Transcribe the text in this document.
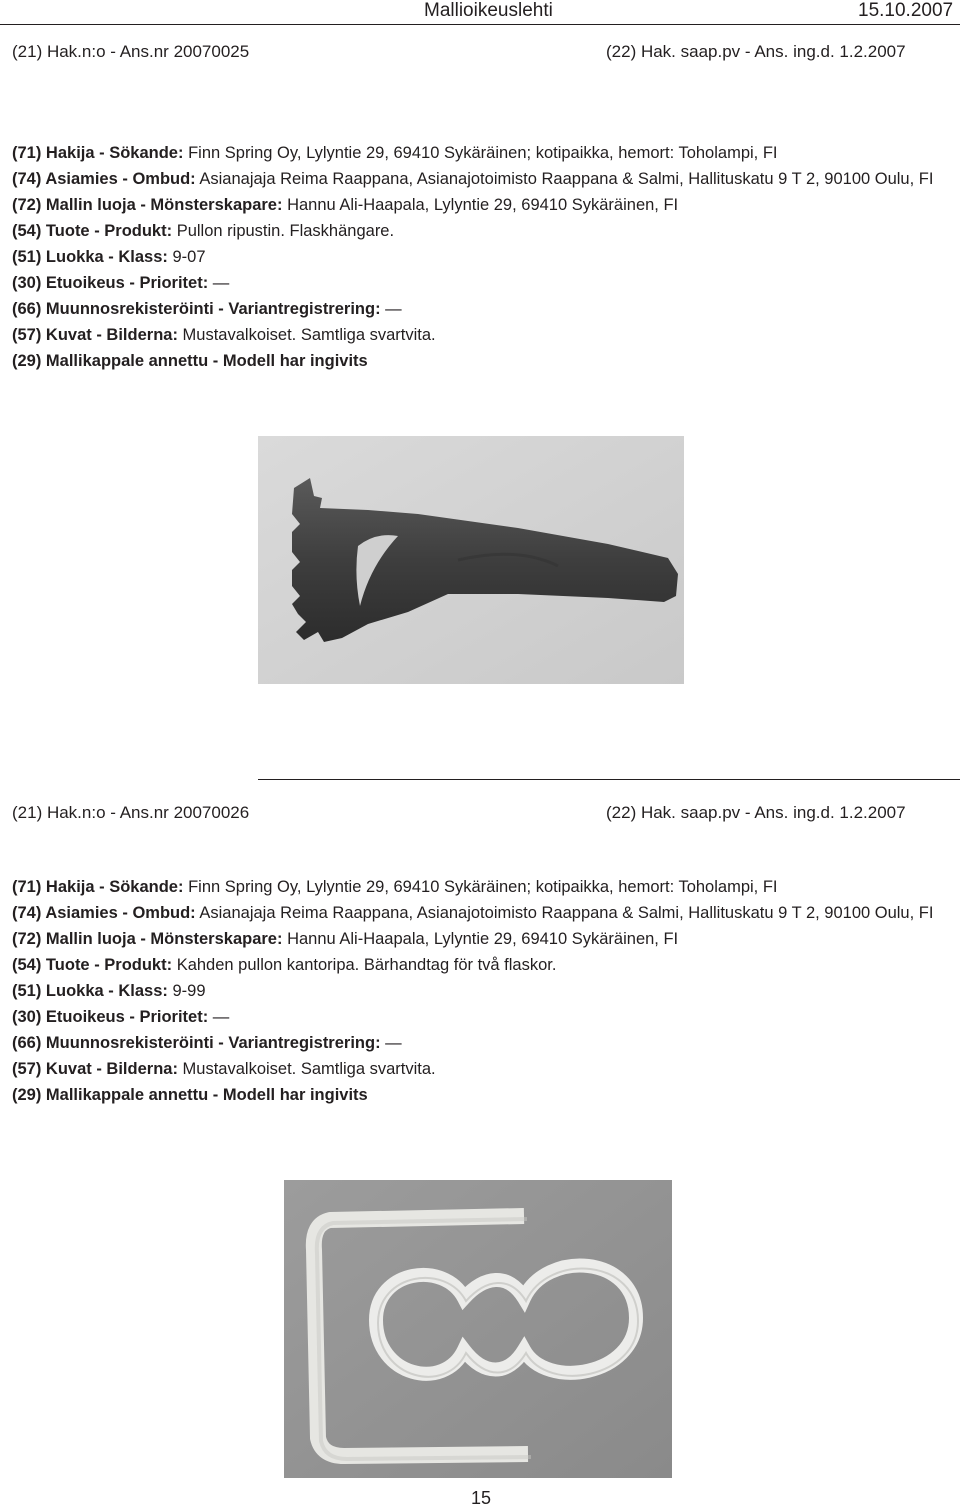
Mallioikeuslehti	15.10.2007
(21) Hak.n:o - Ans.nr 20070025	(22) Hak. saap.pv - Ans. ing.d. 1.2.2007
(71) Hakija - Sökande: Finn Spring Oy, Lylyntie 29, 69410 Sykäräinen; kotipaikka, hemort: Toholampi, FI
(74) Asiamies - Ombud: Asianajaja Reima Raappana, Asianajotoimisto Raappana & Salmi, Hallituskatu 9 T 2, 90100 Oulu, FI
(72) Mallin luoja - Mönsterskapare: Hannu Ali-Haapala, Lylyntie 29, 69410 Sykäräinen, FI
(54) Tuote - Produkt: Pullon ripustin. Flaskhängare.
(51) Luokka - Klass: 9-07
(30) Etuoikeus - Prioritet: —
(66) Muunnosrekisteröinti - Variantregistrering: —
(57) Kuvat - Bilderna: Mustavalkoiset. Samtliga svartvita.
(29) Mallikappale annettu - Modell har ingivits
(21) Hak.n:o - Ans.nr 20070026	(22) Hak. saap.pv - Ans. ing.d. 1.2.2007
(71) Hakija - Sökande: Finn Spring Oy, Lylyntie 29, 69410 Sykäräinen; kotipaikka, hemort: Toholampi, FI
(74) Asiamies - Ombud: Asianajaja Reima Raappana, Asianajotoimisto Raappana & Salmi, Hallituskatu 9 T 2, 90100 Oulu, FI
(72) Mallin luoja - Mönsterskapare: Hannu Ali-Haapala, Lylyntie 29, 69410 Sykäräinen, FI
(54) Tuote - Produkt: Kahden pullon kantoripa. Bärhandtag för två flaskor.
(51) Luokka - Klass: 9-99
(30) Etuoikeus - Prioritet: —
(66) Muunnosrekisteröinti - Variantregistrering: —
(57) Kuvat - Bilderna: Mustavalkoiset. Samtliga svartvita.
(29) Mallikappale annettu - Modell har ingivits
15
